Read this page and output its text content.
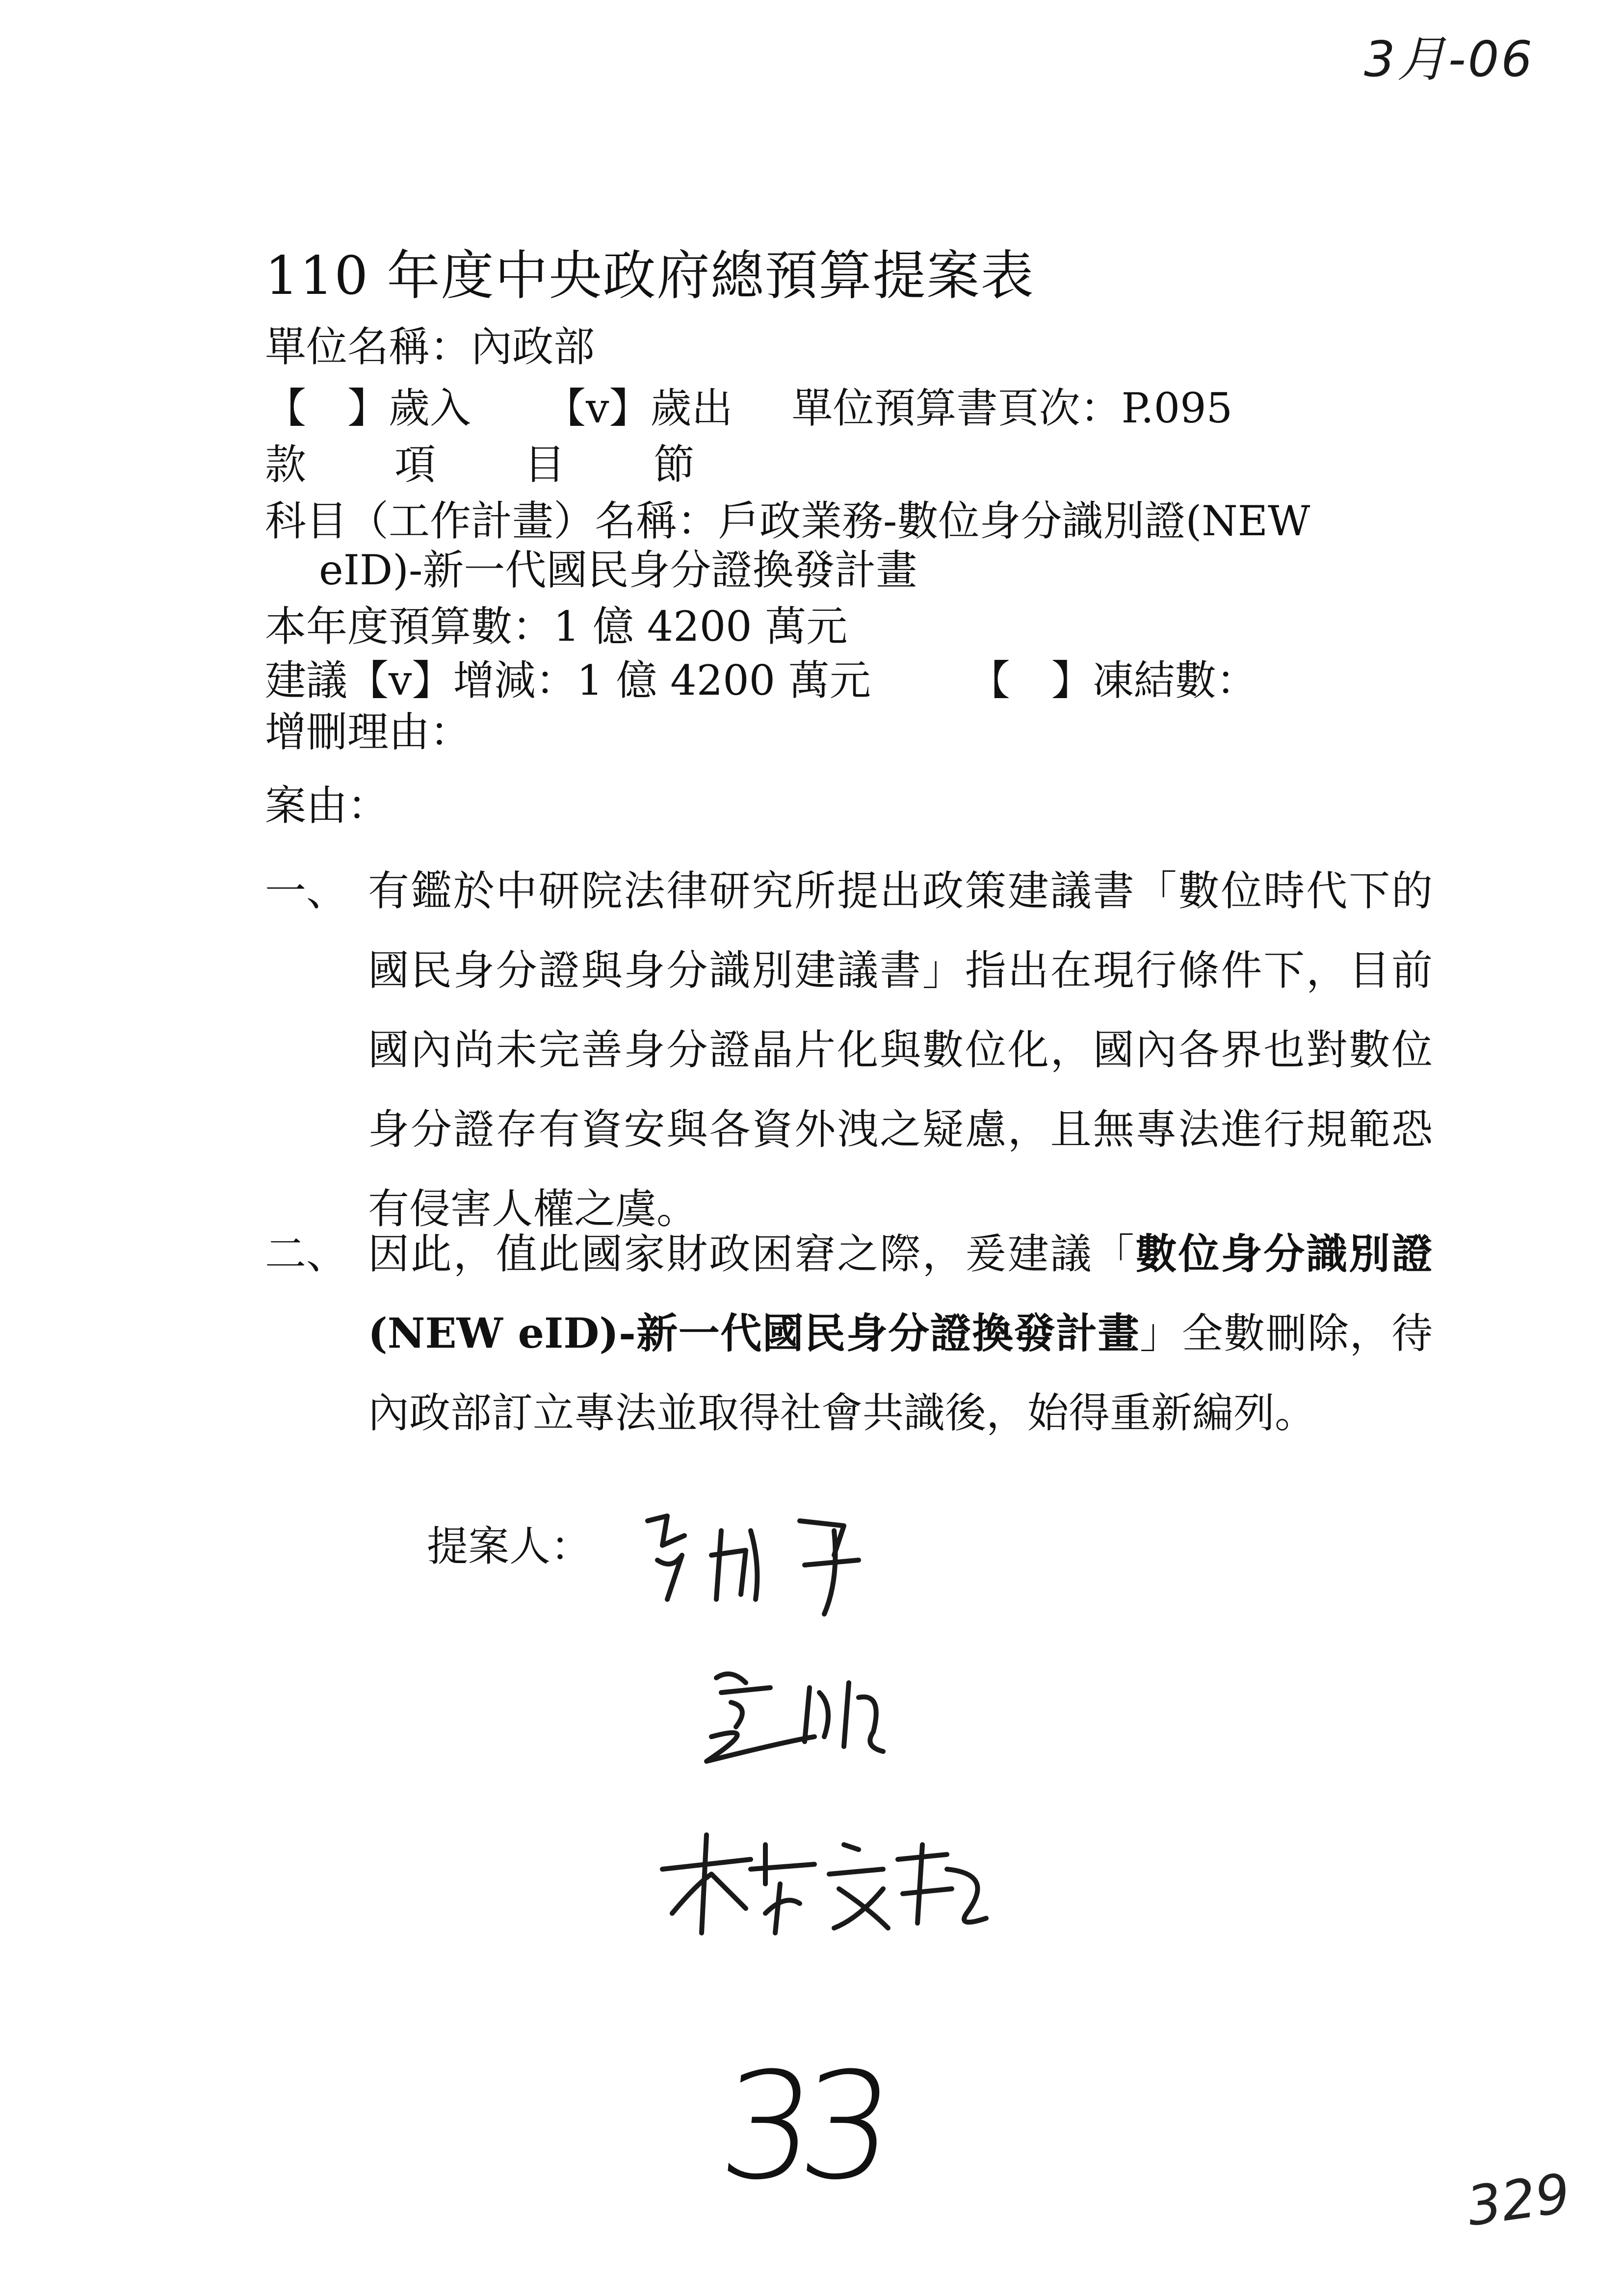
3月-06
110 年度中央政府總預算提案表
單位名稱：內政部
【　】歲入 【ⅴ】歲出 單位預算書頁次：P.095
款 項 目 節
科目（工作計畫）名稱：戶政業務-數位身分識別證(NEW
eID)-新一代國民身分證換發計畫
本年度預算數：1 億 4200 萬元
建議【ⅴ】增減：1 億 4200 萬元 【　】凍結數：
增刪理由：
案由：
一、 有鑑於中研院法律研究所提出政策建議書「數位時代下的國民身分證與身分識別建議書」指出在現行條件下，目前國內尚未完善身分證晶片化與數位化，國內各界也對數位身分證存有資安與各資外洩之疑慮，且無專法進行規範恐有侵害人權之虞。
二、 因此，值此國家財政困窘之際，爰建議「數位身分識別證(NEW eID)-新一代國民身分證換發計畫」全數刪除，待內政部訂立專法並取得社會共識後，始得重新編列。
提案人：
33	329
